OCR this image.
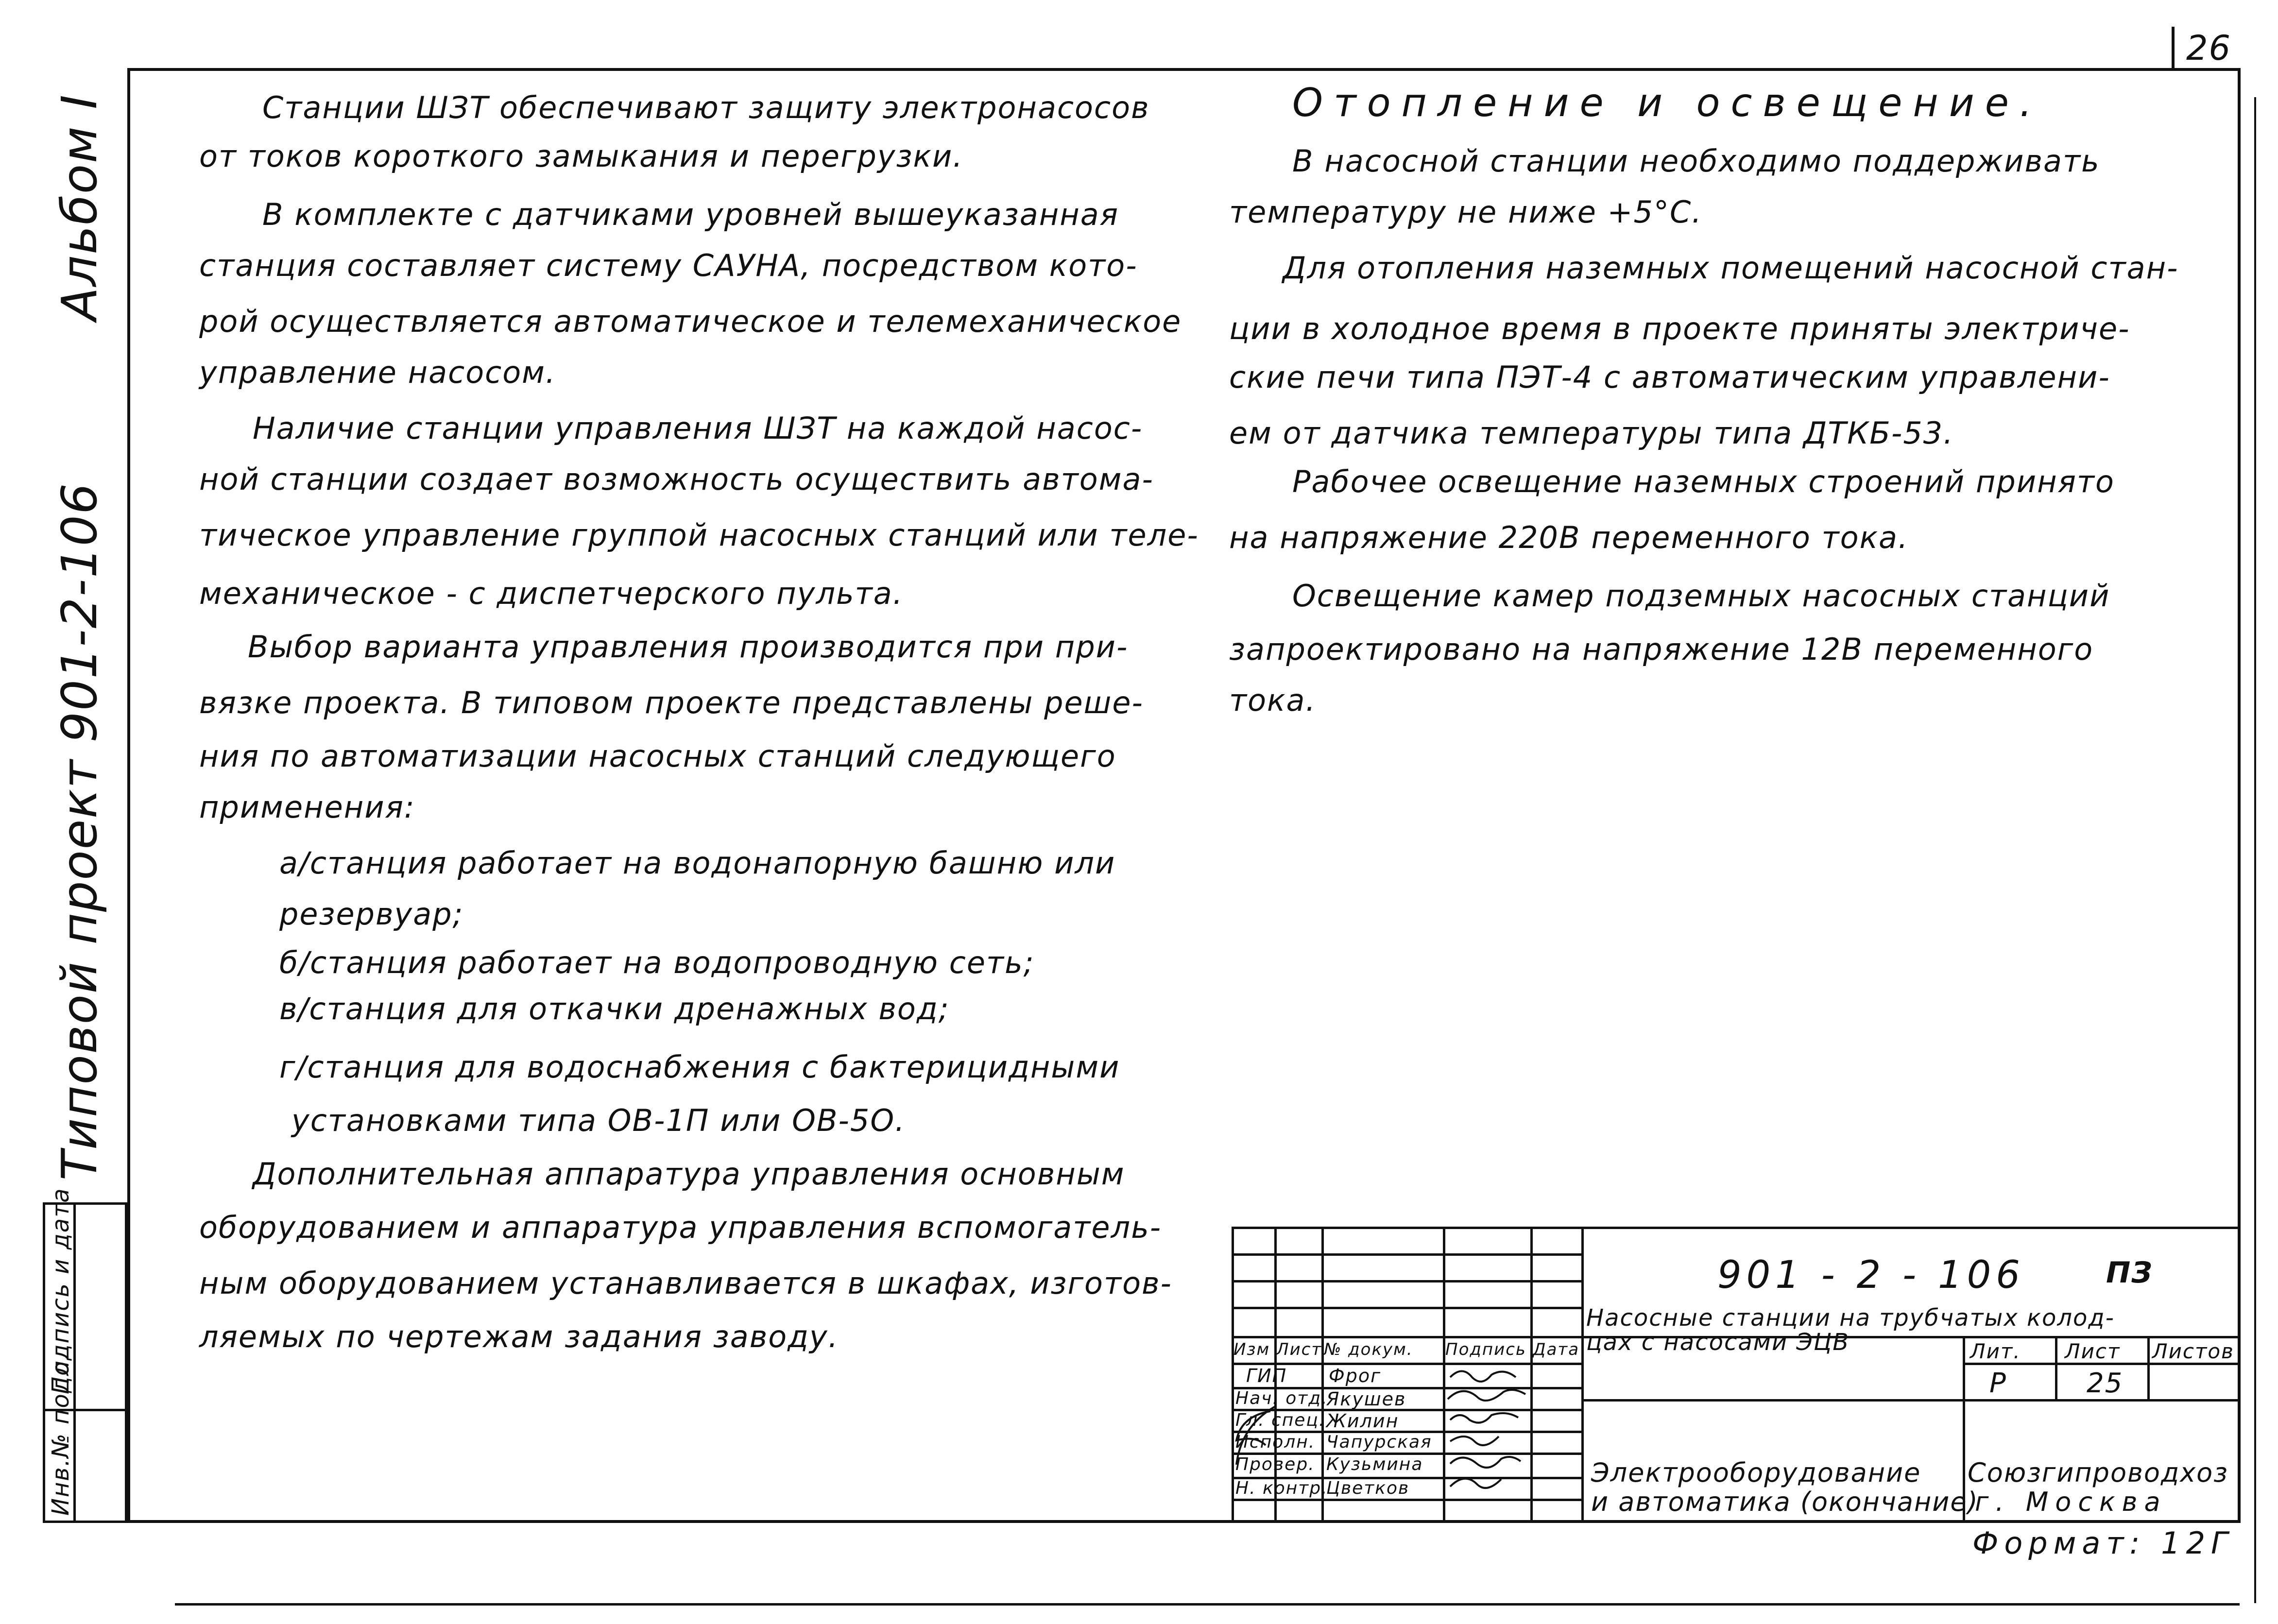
26
Альбом I
Типовой проект 901-2-106
Подпись и дата
Инв.№ подл.
Станции ШЗТ обеспечивают защиту электронасосов
от токов короткого замыкания и перегрузки.
В комплекте с датчиками уровней вышеуказанная
станция составляет систему САУНА, посредством кото-
рой осуществляется автоматическое и телемеханическое
управление насосом.
Наличие станции управления ШЗТ на каждой насос-
ной станции создает возможность осуществить автома-
тическое управление группой насосных станций или теле-
механическое - с диспетчерского пульта.
Выбор варианта управления производится при при-
вязке проекта. В типовом проекте представлены реше-
ния по автоматизации насосных станций следующего
применения:
а/станция работает на водонапорную башню или
резервуар;
б/станция работает на водопроводную сеть;
в/станция для откачки дренажных вод;
г/станция для водоснабжения с бактерицидными
установками типа ОВ-1П или ОВ-5О.
Дополнительная аппаратура управления основным
оборудованием и аппаратура управления вспомогатель-
ным оборудованием устанавливается в шкафах, изготов-
ляемых по чертежам задания заводу.
Отопление и освещение.
В насосной станции необходимо поддерживать
температуру не ниже +5°С.
Для отопления наземных помещений насосной стан-
ции в холодное время в проекте приняты электриче-
ские печи типа ПЭТ-4 с автоматическим управлени-
ем от датчика температуры типа ДТКБ-53.
Рабочее освещение наземных строений принято
на напряжение 220В переменного тока.
Освещение камер подземных насосных станций
запроектировано на напряжение 12В переменного
тока.
901 - 2 - 106	ПЗ
Насосные станции на трубчатых колод-
цах с насосами ЭЦВ
Изм Лист № докум. Подпись Дата
ГИП Фрог
Нач. отд.
Якушев
Гл. спец. Жилин
Исполн. Чапурская
Провер. Кузьмина
Н. контр.
Цветков
Лит. Лист Листов
Р	25
Электрооборудование
и автоматика (окончание)
Союзгипроводхоз
г. Москва
Формат: 12Г
